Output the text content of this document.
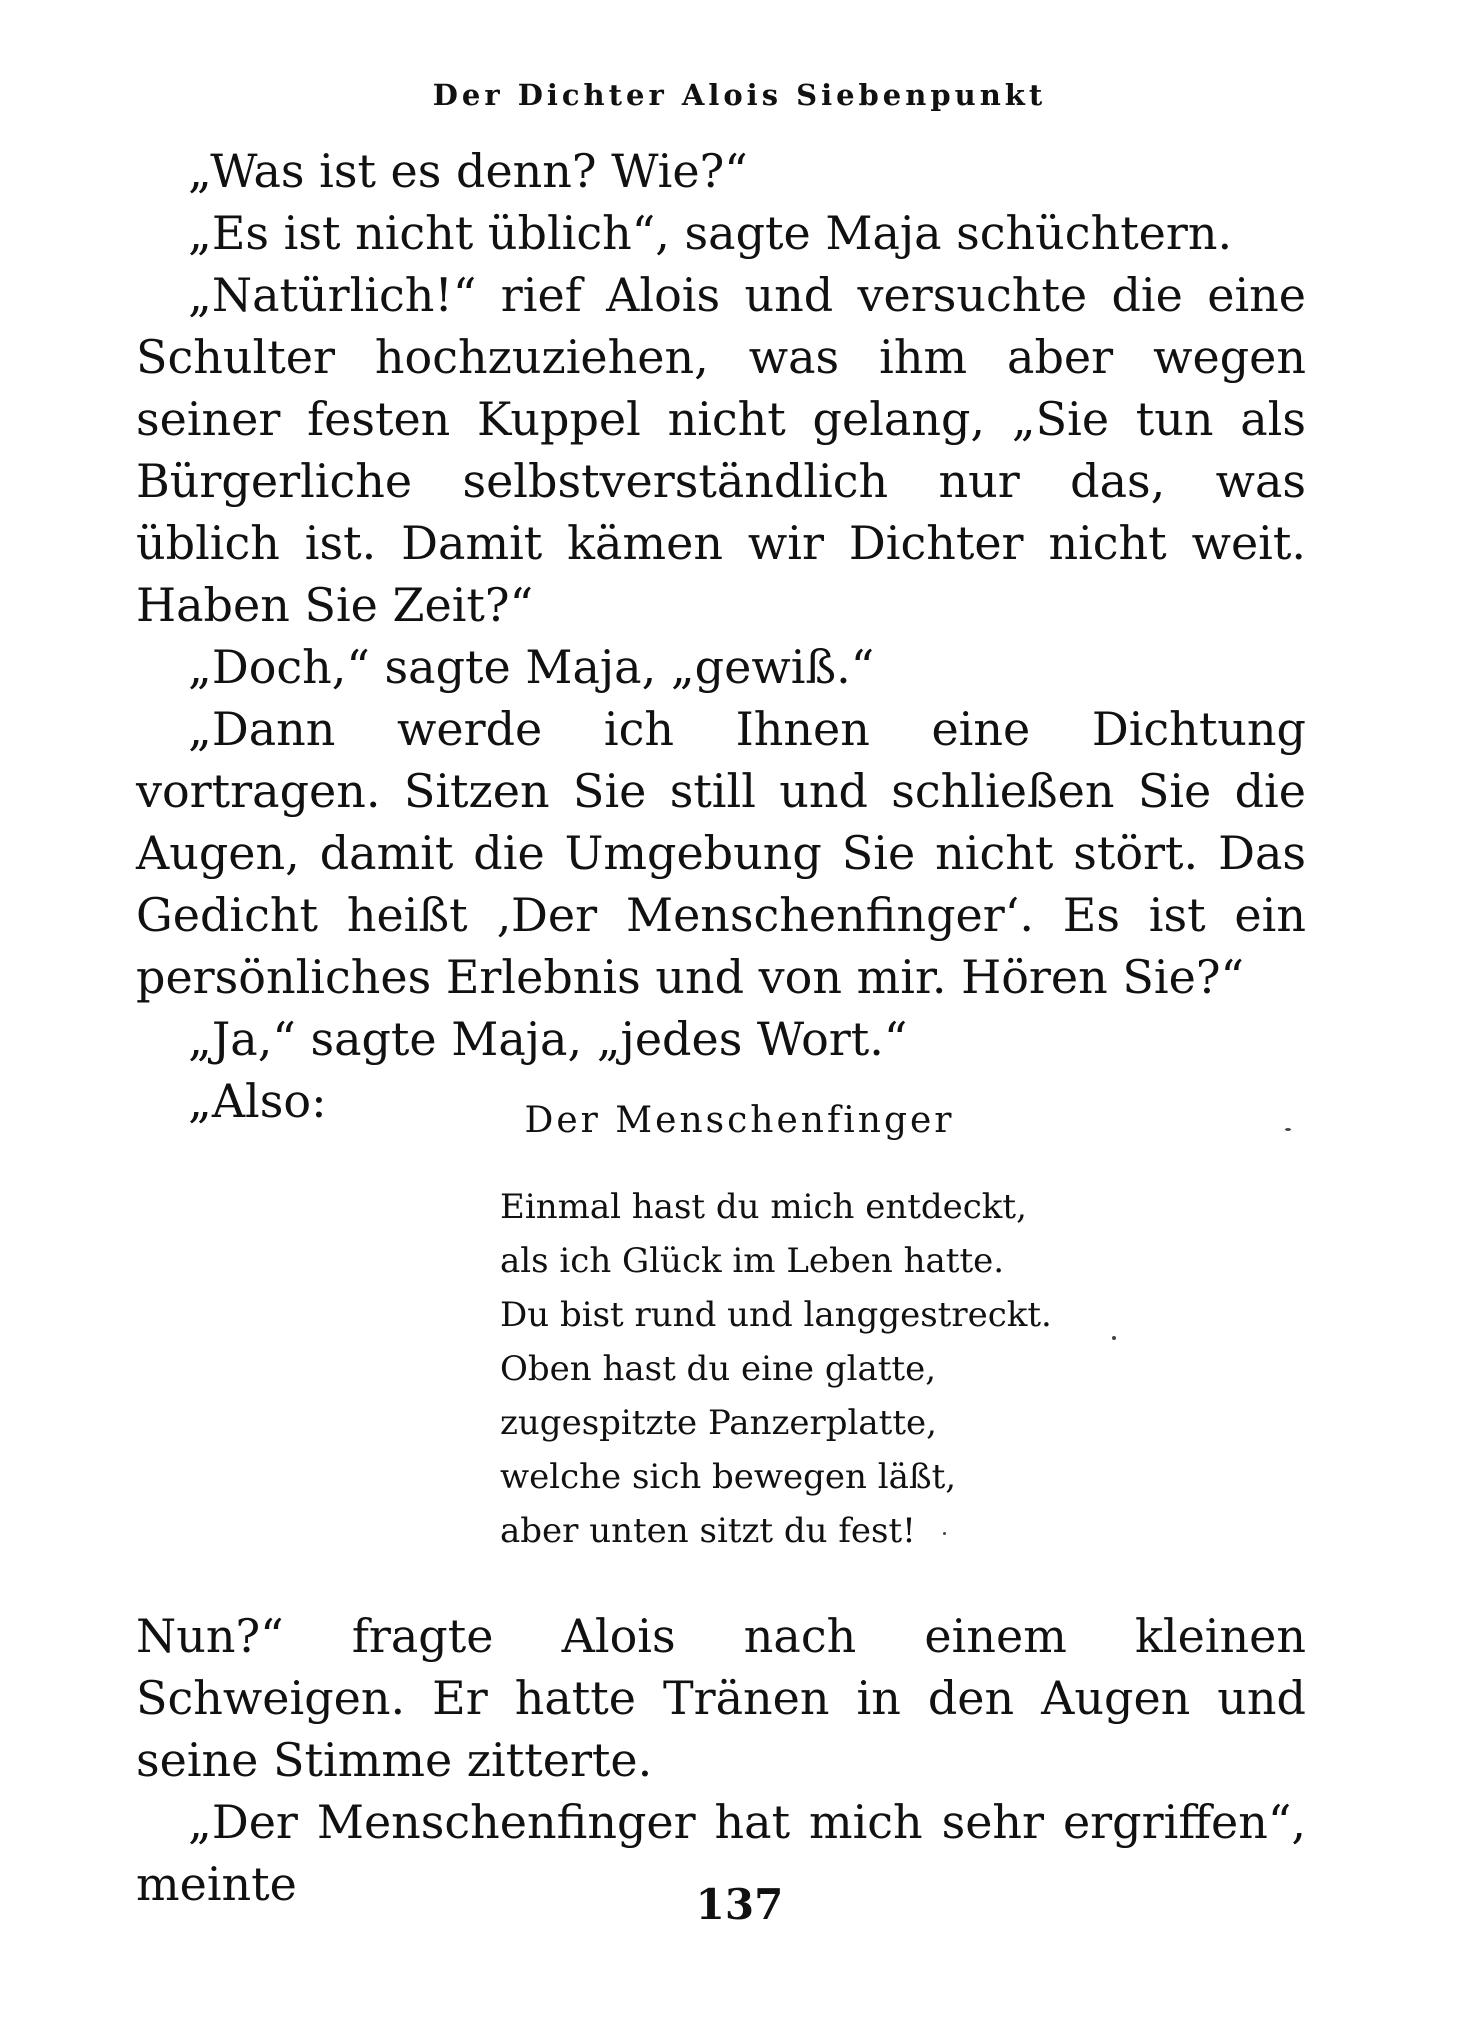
Der Dichter Alois Siebenpunkt

„Was ist es denn? Wie?“

„Es ist nicht üblich“, sagte Maja schüchtern.

„Natürlich!“ rief Alois und versuchte die eine Schulter hochzuziehen, was ihm aber wegen seiner festen Kuppel nicht gelang, „Sie tun als Bürgerliche selbstverständlich nur das, was üblich ist. Damit kämen wir Dichter nicht weit. Haben Sie Zeit?“

„Doch,“ sagte Maja, „gewiß.“

„Dann werde ich Ihnen eine Dichtung vortragen. Sitzen Sie still und schließen Sie die Augen, damit die Umgebung Sie nicht stört. Das Gedicht heißt ‚Der Menschenfinger‘. Es ist ein persönliches Erlebnis und von mir. Hören Sie?“

„Ja,“ sagte Maja, „jedes Wort.“

„Also:	Der Menschenfinger
Einmal hast du mich entdeckt,
als ich Glück im Leben hatte.
Du bist rund und langgestreckt.
Oben hast du eine glatte,
zugespitzte Panzerplatte,
welche sich bewegen läßt,
aber unten sitzt du fest!

Nun?“ fragte Alois nach einem kleinen Schweigen. Er hatte Tränen in den Augen und seine Stimme zitterte.

„Der Menschenfinger hat mich sehr ergriffen“, meinte	137
